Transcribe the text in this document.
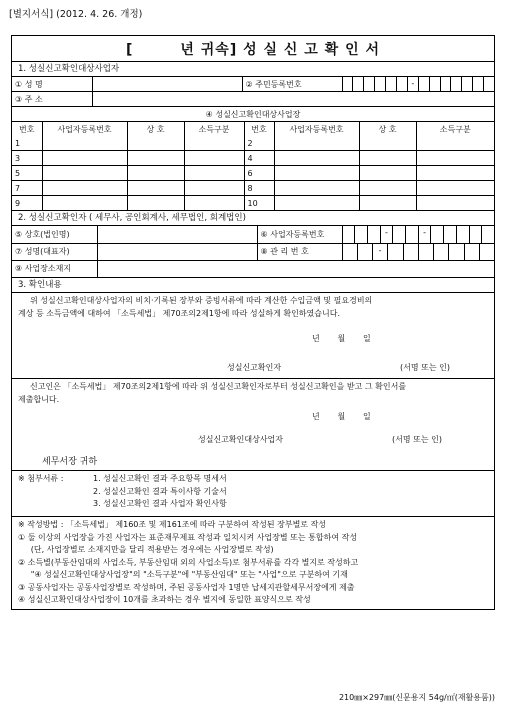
[별지서식] (2012. 4. 26. 개정)
[        년 귀속] 성 실 신 고 확 인 서
1. 성실신고확인대상사업자
① 성 명		② 주민등록번호	-

③ 주 소			
④ 성실신고확인대상사업장							
번호	사업자등록번호	상 호	소득구분	번호	사업자등록번호	상 호	소득구분
1				2			
3				4			
5				6			
7				8			
9				10			
2. 성실신고확인자 ( 세무사, 공인회계사, 세무법인, 회계법인)
⑤ 상호(법인명)		⑥ 사업자등록번호	- -

⑦ 성명(대표자)		⑧ 관 리 번 호	-

⑨ 사업장소재지			
3. 확인내용
위 성실신고확인대상사업자의 비치·기록된 장부와 증빙서류에 따라 계산한 수입금액 및 필요경비의
계상 등 소득금액에 대하여 「소득세법」 제70조의2제1항에 따라 성실하게 확인하였습니다.
년       월       일
성실신고확인자	(서명 또는 인)
신고인은 「소득세법」 제70조의2제1항에 따라 위 성실신고확인자로부터 성실신고확인을 받고 그 확인서를
제출합니다.
년       월       일
성실신고확인대상사업자	(서명 또는 인)
세무서장 귀하
※ 첨부서류 :	1. 성실신고확인 결과 주요항목 명세서
2. 성실신고확인 결과 특이사항 기술서
3. 성실신고확인 결과 사업자 확인사항
※ 작성방법 : 「소득세법」 제160조 및 제161조에 따라 구분하여 작성된 장부별로 작성
① 둘 이상의 사업장을 가진 사업자는 표준재무제표 작성과 일치시켜 사업장별 또는 통합하여 작성
(단, 사업장별로 소재지만을 달리 적용받는 경우에는 사업장별로 작성)
② 소득별(부동산임대의 사업소득, 부동산임대 외의 사업소득)로 첨부서류를 각각 별지로 작성하고
"④ 성실신고확인대상사업장"의 "소득구분"에 "부동산임대" 또는 "사업"으로 구분하여 기재
③ 공동사업자는 공동사업장별로 작성하며, 주된 공동사업자 1명만 납세지관할세무서장에게 제출
④ 성실신고확인대상사업장이 10개를 초과하는 경우 별지에 동일한 표양식으로 작성
210㎜×297㎜(신문용지 54g/㎡(재활용품))
